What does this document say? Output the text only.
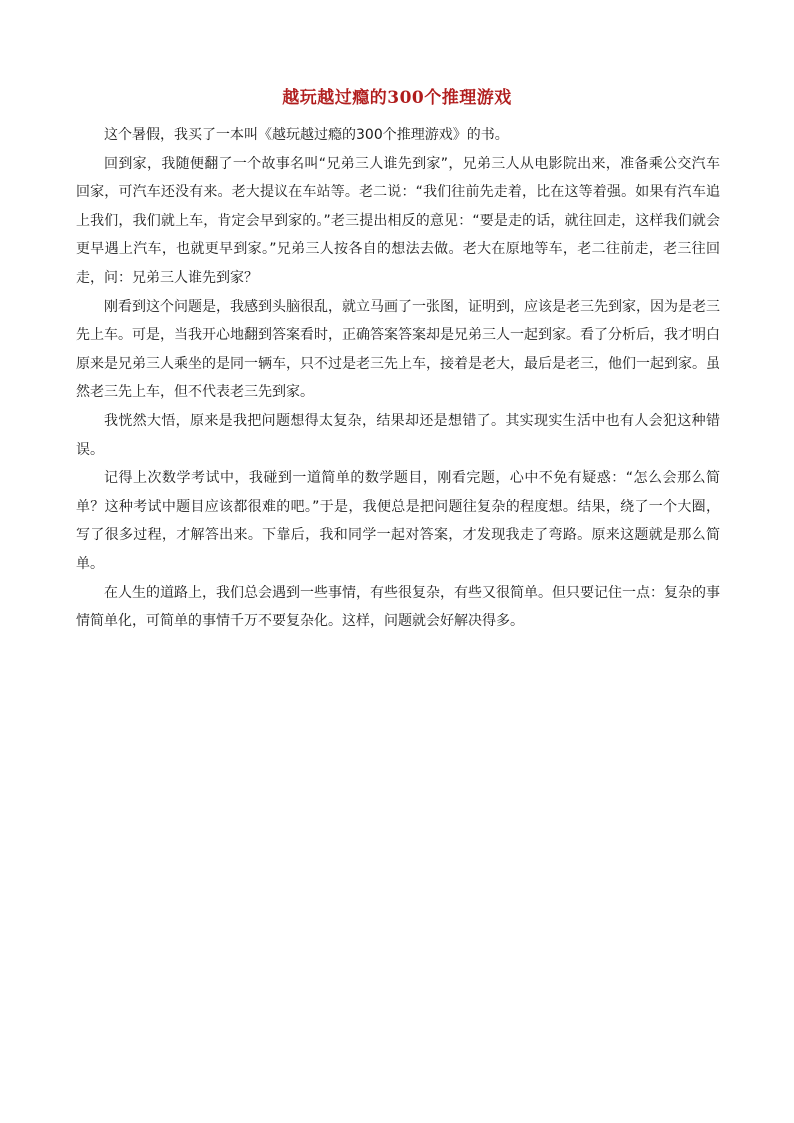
越玩越过瘾的300个推理游戏

这个暑假，我买了一本叫《越玩越过瘾的300个推理游戏》的书。

回到家，我随便翻了一个故事名叫“兄弟三人谁先到家”，兄弟三人从电影院出来，准备乘公交汽车回家，可汽车还没有来。老大提议在车站等。老二说：“我们往前先走着，比在这等着强。如果有汽车追上我们，我们就上车，肯定会早到家的。”老三提出相反的意见：“要是走的话，就往回走，这样我们就会更早遇上汽车，也就更早到家。”兄弟三人按各自的想法去做。老大在原地等车，老二往前走，老三往回走，问：兄弟三人谁先到家？

刚看到这个问题是，我感到头脑很乱，就立马画了一张图，证明到，应该是老三先到家，因为是老三先上车。可是，当我开心地翻到答案看时，正确答案答案却是兄弟三人一起到家。看了分析后，我才明白原来是兄弟三人乘坐的是同一辆车，只不过是老三先上车，接着是老大，最后是老三，他们一起到家。虽然老三先上车，但不代表老三先到家。

我恍然大悟，原来是我把问题想得太复杂，结果却还是想错了。其实现实生活中也有人会犯这种错误。

记得上次数学考试中，我碰到一道简单的数学题目，刚看完题，心中不免有疑惑：“怎么会那么简单？这种考试中题目应该都很难的吧。”于是，我便总是把问题往复杂的程度想。结果，绕了一个大圈，写了很多过程，才解答出来。下靠后，我和同学一起对答案，才发现我走了弯路。原来这题就是那么简单。

在人生的道路上，我们总会遇到一些事情，有些很复杂，有些又很简单。但只要记住一点：复杂的事情简单化，可简单的事情千万不要复杂化。这样，问题就会好解决得多。
